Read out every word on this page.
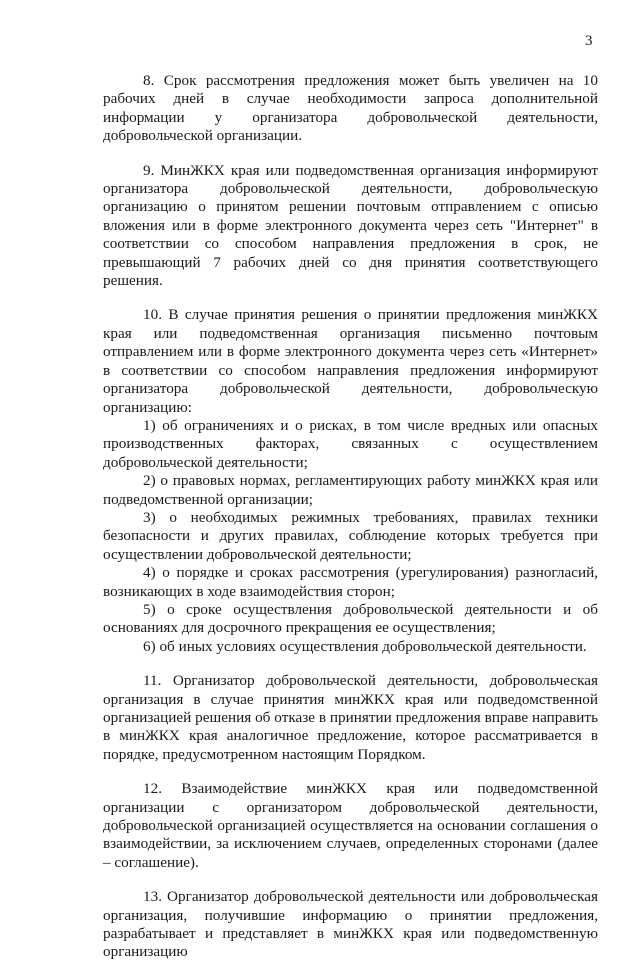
3

8. Срок рассмотрения предложения может быть увеличен на 10 рабочих дней в случае необходимости запроса дополнительной информации у организатора добровольческой деятельности, добровольческой организации.

9. МинЖКХ края или подведомственная организация информируют организатора добровольческой деятельности, добровольческую организацию о принятом решении почтовым отправлением с описью вложения или в форме электронного документа через сеть "Интернет" в соответствии со способом направления предложения в срок, не превышающий 7 рабочих дней со дня принятия соответствующего решения.

10. В случае принятия решения о принятии предложения минЖКХ края или подведомственная организация письменно почтовым отправлением или в форме электронного документа через сеть «Интернет» в соответствии со способом направления предложения информируют организатора добровольческой деятельности, добровольческую организацию:

1) об ограничениях и о рисках, в том числе вредных или опасных производственных факторах, связанных с осуществлением добровольческой деятельности;

2) о правовых нормах, регламентирующих работу минЖКХ края или подведомственной организации;

3) о необходимых режимных требованиях, правилах техники безопасности и других правилах, соблюдение которых требуется при осуществлении добровольческой деятельности;

4) о порядке и сроках рассмотрения (урегулирования) разногласий, возникающих в ходе взаимодействия сторон;

5) о сроке осуществления добровольческой деятельности и об основаниях для досрочного прекращения ее осуществления;

6) об иных условиях осуществления добровольческой деятельности.

11. Организатор добровольческой деятельности, добровольческая организация в случае принятия минЖКХ края или подведомственной организацией решения об отказе в принятии предложения вправе направить в минЖКХ края аналогичное предложение, которое рассматривается в порядке, предусмотренном настоящим Порядком.

12. Взаимодействие минЖКХ края или подведомственной организации с организатором добровольческой деятельности, добровольческой организацией осуществляется на основании соглашения о взаимодействии, за исключением случаев, определенных сторонами (далее – соглашение).

13. Организатор добровольческой деятельности или добровольческая организация, получившие информацию о принятии предложения, разрабатывает и представляет в минЖКХ края или подведомственную организацию
